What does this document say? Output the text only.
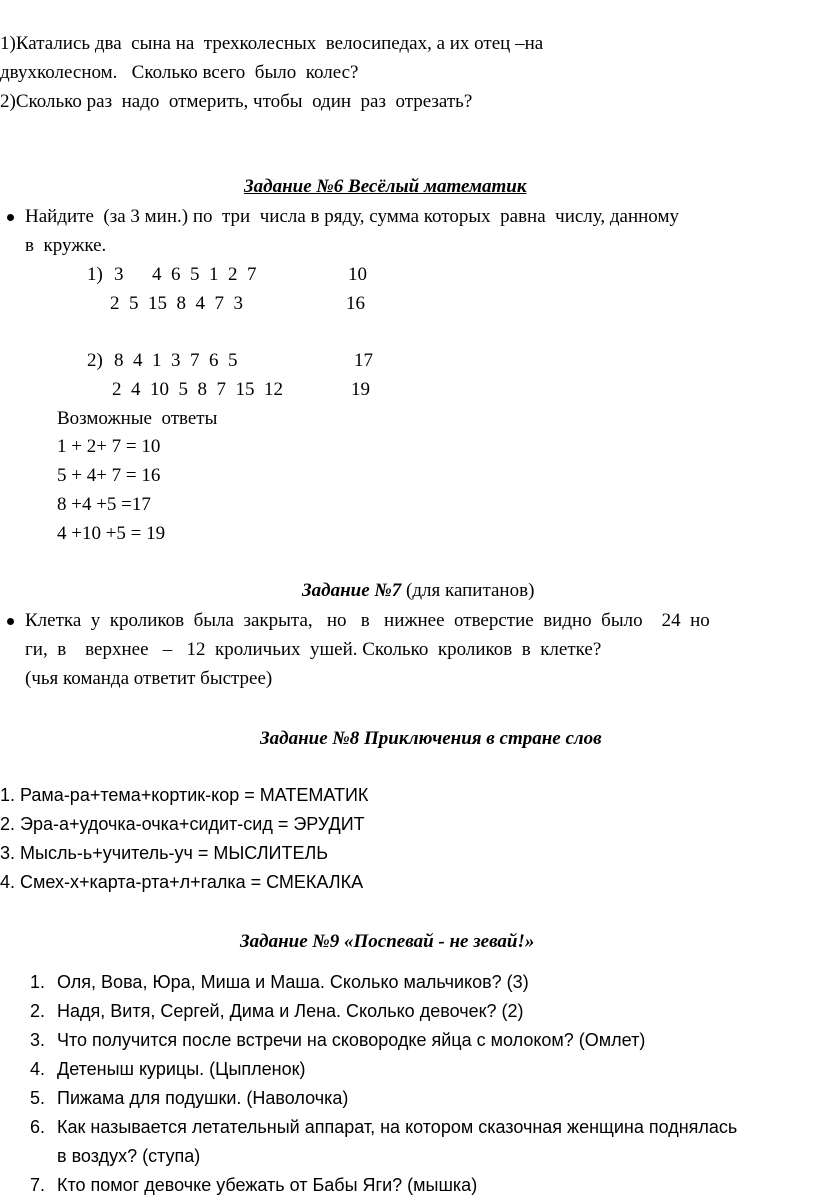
1)Катались два  сына на  трехколесных  велосипедах, а их отец –на
двухколесном.   Сколько всего  было  колес?
2)Сколько раз  надо  отмерить, чтобы  один  раз  отрезать?
Задание №6 Весёлый математик
Найдите  (за 3 мин.) по  три  числа в ряду, сумма которых  равна  числу, данному
в  кружке.
1) 3      4  6  5  1  2  7	10
2  5  15  8  4  7  3	16
2) 8  4  1  3  7  6  5	17
2  4  10  5  8  7  15  12	19
Возможные  ответы
1 + 2+ 7 = 10
5 + 4+ 7 = 16
8 +4 +5 =17
4 +10 +5 = 19
Задание №7 (для капитанов)
Клетка  у  кроликов  была  закрыта,   но   в   нижнее  отверстие  видно  было    24  но
ги,  в    верхнее   –   12  кроличьих  ушей. Сколько  кроликов  в  клетке?
(чья команда ответит быстрее)
Задание №8 Приключения в стране слов
1. Рама-ра+тема+кортик-кор = МАТЕМАТИК
2. Эра-а+удочка-очка+сидит-сид = ЭРУДИТ
3. Мысль-ь+учитель-уч = МЫСЛИТЕЛЬ
4. Смех-х+карта-рта+л+галка = СМЕКАЛКА
Задание №9 «Поспевай - не зевай!»
1. Оля, Вова, Юра, Миша и Маша. Сколько мальчиков? (3)
2. Надя, Витя, Сергей, Дима и Лена. Сколько девочек? (2)
3. Что получится после встречи на сковородке яйца с молоком? (Омлет)
4. Детеныш курицы. (Цыпленок)
5. Пижама для подушки. (Наволочка)
6. Как называется летательный аппарат, на котором сказочная женщина поднялась
в воздух? (ступа)
7. Кто помог девочке убежать от Бабы Яги? (мышка)
